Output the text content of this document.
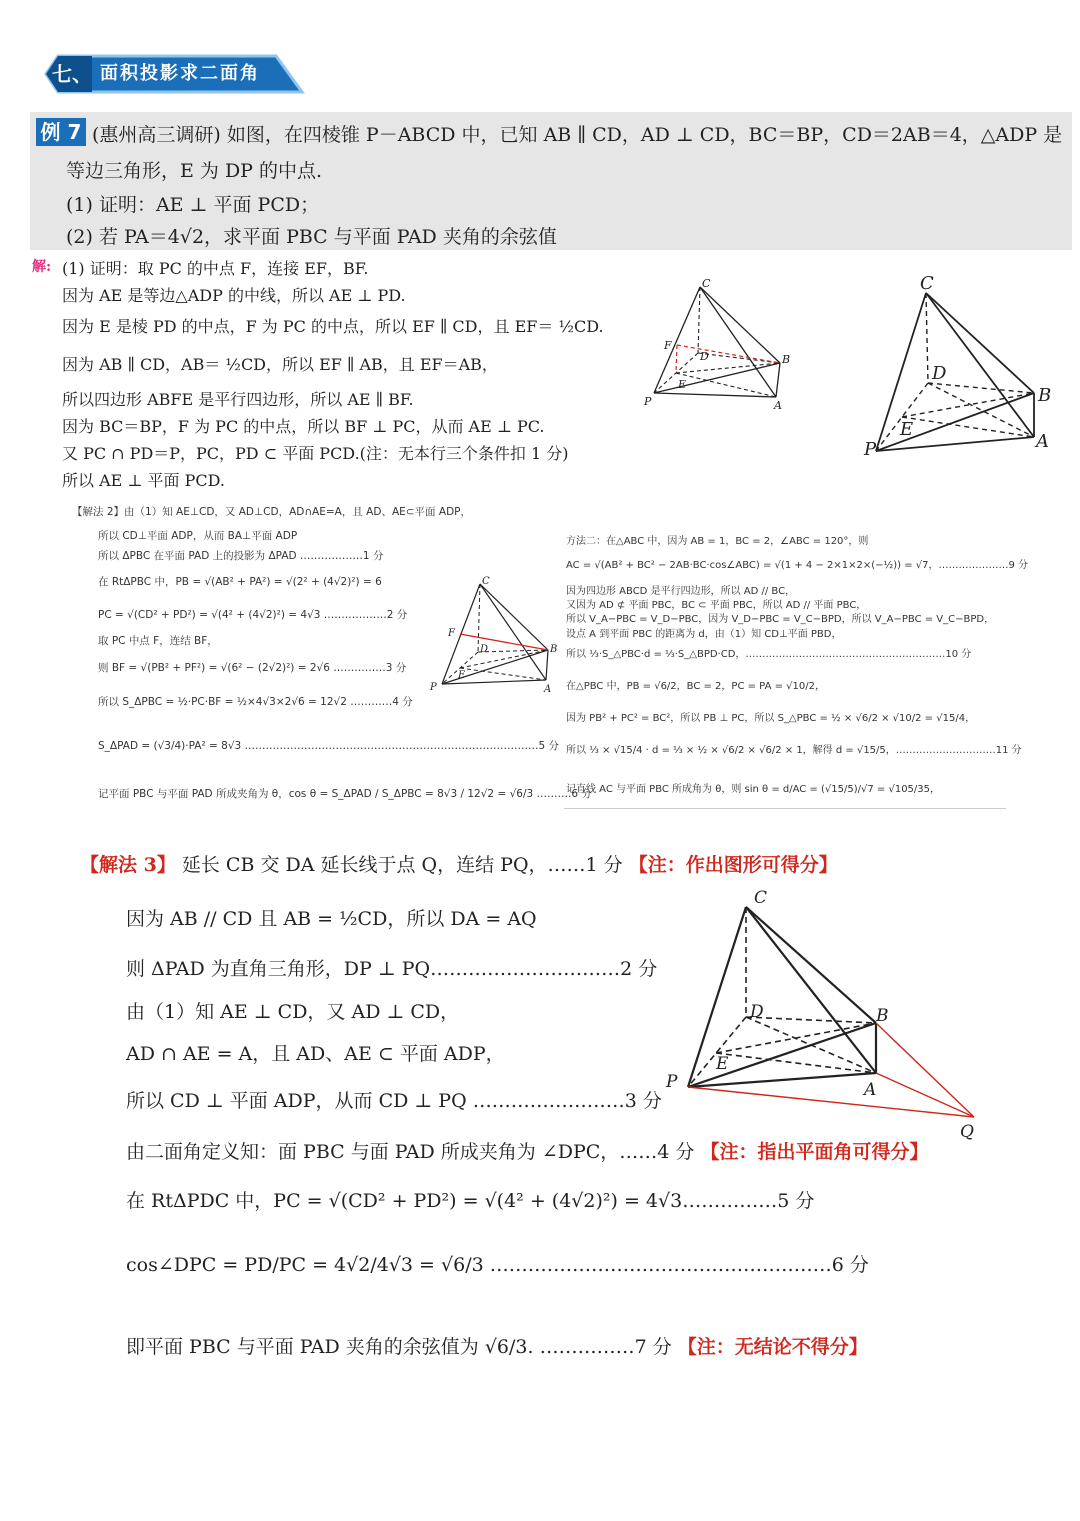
七、 面积投影求二面角
例 7 (惠州高三调研) 如图，在四棱锥 P－ABCD 中，已知 AB ∥ CD，AD ⊥ CD，BC＝BP，CD＝2AB＝4，△ADP 是
等边三角形，E 为 DP 的中点.
(1) 证明：AE ⊥ 平面 PCD；
(2) 若 PA＝4√2，求平面 PBC 与平面 PAD 夹角的余弦值
解: (1) 证明：取 PC 的中点 F，连接 EF，BF.
因为 AE 是等边△ADP 的中线，所以 AE ⊥ PD.
因为 E 是棱 PD 的中点，F 为 PC 的中点，所以 EF ∥ CD，且 EF＝ ½CD.
因为 AB ∥ CD，AB＝ ½CD，所以 EF ∥ AB，且 EF＝AB，
所以四边形 ABFE 是平行四边形，所以 AE ∥ BF.
因为 BC＝BP，F 为 PC 的中点，所以 BF ⊥ PC，从而 AE ⊥ PC.
又 PC ∩ PD＝P，PC，PD ⊂ 平面 PCD.(注：无本行三个条件扣 1 分)
所以 AE ⊥ 平面 PCD.
C
F
D	B
E
P	A
C
D
B
E
P	A
【解法 2】由（1）知 AE⊥CD，又 AD⊥CD，AD∩AE=A，且 AD、AE⊂平面 ADP，
所以 CD⊥平面 ADP，从而 BA⊥平面 ADP
所以 ΔPBC 在平面 PAD 上的投影为 ΔPAD ………………1 分
在 RtΔPBC 中，PB = √(AB² + PA²) = √(2² + (4√2)²) = 6
PC = √(CD² + PD²) = √(4² + (4√2)²) = 4√3 ………………2 分
取 PC 中点 F，连结 BF，
则 BF = √(PB² + PF²) = √(6² − (2√2)²) = 2√6 ……………3 分
所以 S_ΔPBC = ½·PC·BF = ½×4√3×2√6 = 12√2 …………4 分
S_ΔPAD = (√3/4)·PA² = 8√3 …………………………………………………………………………5 分
记平面 PBC 与平面 PAD 所成夹角为 θ，cos θ = S_ΔPAD / S_ΔPBC = 8√3 / 12√2 = √6/3 ……….6 分
C
F
D	B
E
P	A
方法二：在△ABC 中，因为 AB = 1，BC = 2，∠ABC = 120°，则
AC = √(AB² + BC² − 2AB·BC·cos∠ABC) = √(1 + 4 − 2×1×2×(−½)) = √7，…………………9 分
因为四边形 ABCD 是平行四边形，所以 AD // BC，
又因为 AD ⊄ 平面 PBC，BC ⊂ 平面 PBC，所以 AD // 平面 PBC，
所以 V_A−PBC = V_D−PBC，因为 V_D−PBC = V_C−BPD，所以 V_A−PBC = V_C−BPD，
设点 A 到平面 PBC 的距离为 d，由（1）知 CD⊥平面 PBD，
所以 ⅓·S_△PBC·d = ⅓·S_△BPD·CD，……………………………………………………10 分
在△PBC 中，PB = √6/2，BC = 2，PC = PA = √10/2，
因为 PB² + PC² = BC²，所以 PB ⊥ PC，所以 S_△PBC = ½ × √6/2 × √10/2 = √15/4，
所以 ⅓ × √15/4 · d = ⅓ × ½ × √6/2 × √6/2 × 1，解得 d = √15/5，…………………………11 分
记直线 AC 与平面 PBC 所成角为 θ，则 sin θ = d/AC = (√15/5)/√7 = √105/35，
【解法 3】 延长 CB 交 DA 延长线于点 Q，连结 PQ，……1 分 【注：作出图形可得分】
因为 AB // CD 且 AB = ½CD，所以 DA = AQ
则 ΔPAD 为直角三角形，DP ⊥ PQ…………………………2 分
由（1）知 AE ⊥ CD，又 AD ⊥ CD，
AD ∩ AE = A，且 AD、AE ⊂ 平面 ADP，
所以 CD ⊥ 平面 ADP，从而 CD ⊥ PQ ……………………3 分
由二面角定义知：面 PBC 与面 PAD 所成夹角为 ∠DPC，……4 分 【注：指出平面角可得分】
在 RtΔPDC 中，PC = √(CD² + PD²) = √(4² + (4√2)²) = 4√3……………5 分
cos∠DPC = PD/PC = 4√2/4√3 = √6/3 ………………………………………………6 分
即平面 PBC 与平面 PAD 夹角的余弦值为 √6/3. ……………7 分 【注：无结论不得分】
C
D	B
E
P	A
Q
